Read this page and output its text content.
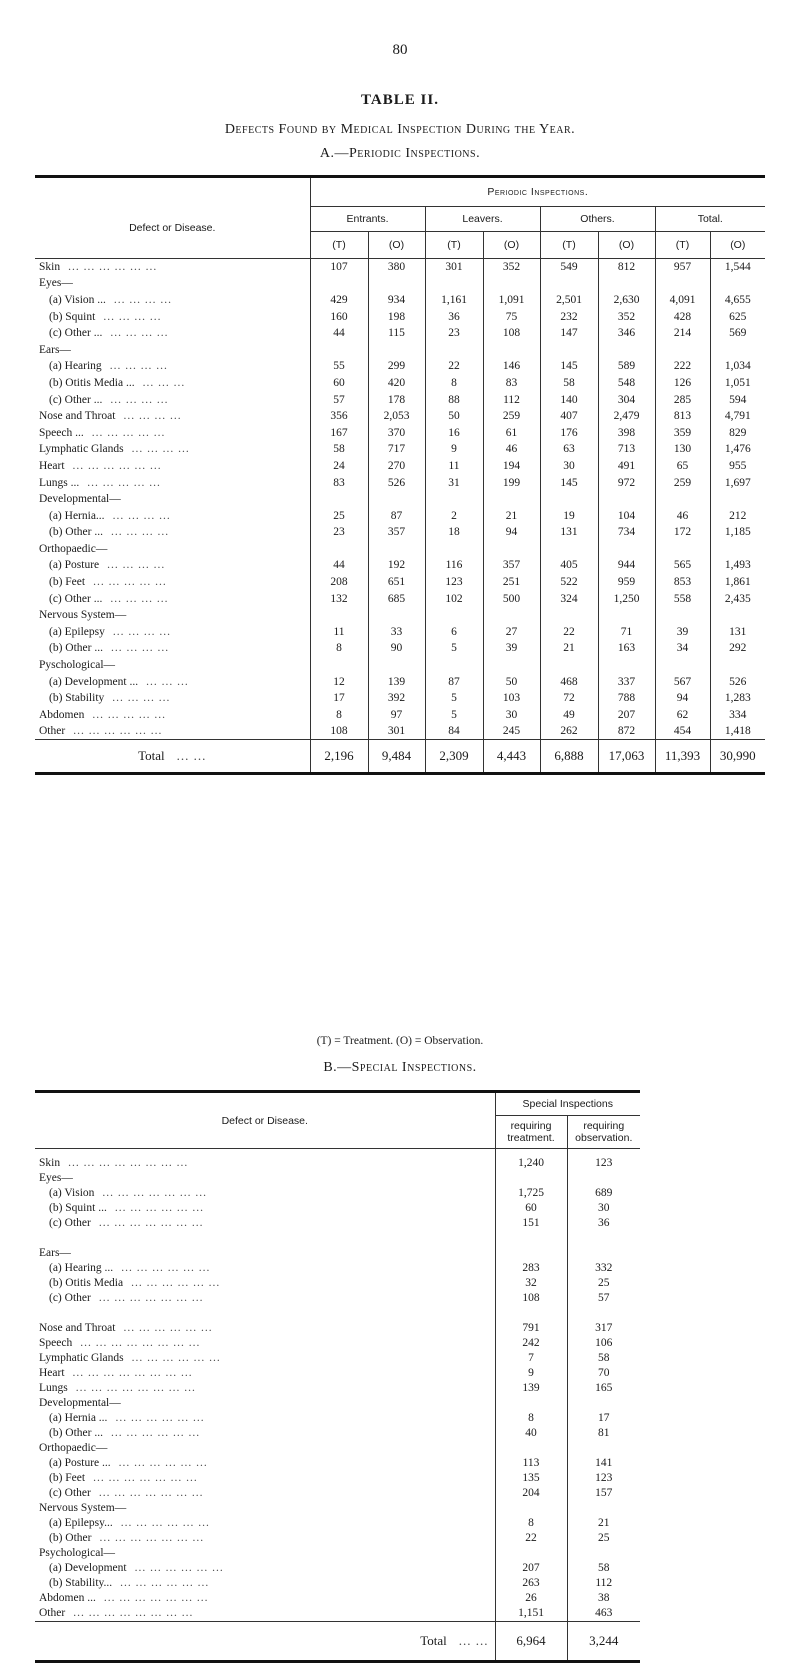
80
TABLE II.
Defects Found by Medical Inspection During the Year.
A.—Periodic Inspections.
Defect or Disease.	Periodic Inspections.							
	Entrants.		Leavers.		Others.		Total.	
	(T)	(O)	(T)	(O)	(T)	(O)	(T)	(O)
Skin ... ... ... ... ... ...	107	380	301	352	549	812	957	1,544
Eyes—								
(a) Vision ... ... ... ... ...	429	934	1,161	1,091	2,501	2,630	4,091	4,655
(b) Squint ... ... ... ...	160	198	36	75	232	352	428	625
(c) Other ... ... ... ... ...	44	115	23	108	147	346	214	569
Ears—								
(a) Hearing ... ... ... ...	55	299	22	146	145	589	222	1,034
(b) Otitis Media ... ... ... ...	60	420	8	83	58	548	126	1,051
(c) Other ... ... ... ... ...	57	178	88	112	140	304	285	594
Nose and Throat ... ... ... ...	356	2,053	50	259	407	2,479	813	4,791
Speech ... ... ... ... ... ...	167	370	16	61	176	398	359	829
Lymphatic Glands ... ... ... ...	58	717	9	46	63	713	130	1,476
Heart ... ... ... ... ... ...	24	270	11	194	30	491	65	955
Lungs ... ... ... ... ... ...	83	526	31	199	145	972	259	1,697
Developmental—								
(a) Hernia... ... ... ... ...	25	87	2	21	19	104	46	212
(b) Other ... ... ... ... ...	23	357	18	94	131	734	172	1,185
Orthopaedic—								
(a) Posture ... ... ... ...	44	192	116	357	405	944	565	1,493
(b) Feet ... ... ... ... ...	208	651	123	251	522	959	853	1,861
(c) Other ... ... ... ... ...	132	685	102	500	324	1,250	558	2,435
Nervous System—								
(a) Epilepsy ... ... ... ...	11	33	6	27	22	71	39	131
(b) Other ... ... ... ... ...	8	90	5	39	21	163	34	292
Pyschological—								
(a) Development ... ... ... ...	12	139	87	50	468	337	567	526
(b) Stability ... ... ... ...	17	392	5	103	72	788	94	1,283
Abdomen ... ... ... ... ...	8	97	5	30	49	207	62	334
Other ... ... ... ... ... ...	108	301	84	245	262	872	454	1,418
Total ... ...	2,196	9,484	2,309	4,443	6,888	17,063	11,393	30,990
(T) = Treatment. (O) = Observation.
B.—Special Inspections.
Defect or Disease.	Special Inspections	
	requiring treatment.	requiring observation.
Skin ... ... ... ... ... ... ... ...	1,240	123
Eyes—		
(a) Vision ... ... ... ... ... ... ...	1,725	689
(b) Squint ... ... ... ... ... ... ...	60	30
(c) Other ... ... ... ... ... ... ...	151	36

Ears—		
(a) Hearing ... ... ... ... ... ... ...	283	332
(b) Otitis Media ... ... ... ... ... ...	32	25
(c) Other ... ... ... ... ... ... ...	108	57

Nose and Throat ... ... ... ... ... ...	791	317
Speech ... ... ... ... ... ... ... ...	242	106
Lymphatic Glands ... ... ... ... ... ...	7	58
Heart ... ... ... ... ... ... ... ...	9	70
Lungs ... ... ... ... ... ... ... ...	139	165
Developmental—		
(a) Hernia ... ... ... ... ... ... ...	8	17
(b) Other ... ... ... ... ... ... ...	40	81
Orthopaedic—		
(a) Posture ... ... ... ... ... ... ...	113	141
(b) Feet ... ... ... ... ... ... ...	135	123
(c) Other ... ... ... ... ... ... ...	204	157
Nervous System—		
(a) Epilepsy... ... ... ... ... ... ...	8	21
(b) Other ... ... ... ... ... ... ...	22	25
Psychological—		
(a) Development ... ... ... ... ... ...	207	58
(b) Stability... ... ... ... ... ... ...	263	112
Abdomen ... ... ... ... ... ... ... ...	26	38
Other ... ... ... ... ... ... ... ...	1,151	463
Total ... ...	6,964	3,244
